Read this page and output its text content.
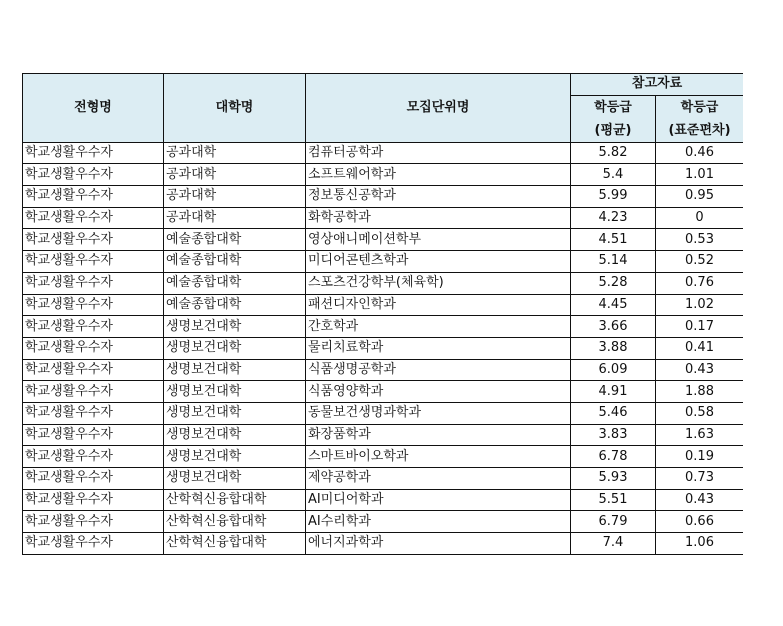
전형명	대학명	모집단위명	참고자료
학등급
(평균)	학등급
(표준편차)
학교생활우수자	공과대학	컴퓨터공학과	5.82	0.46
학교생활우수자	공과대학	소프트웨어학과	5.4	1.01
학교생활우수자	공과대학	정보통신공학과	5.99	0.95
학교생활우수자	공과대학	화학공학과	4.23	0
학교생활우수자	예술종합대학	영상애니메이션학부	4.51	0.53
학교생활우수자	예술종합대학	미디어콘텐츠학과	5.14	0.52
학교생활우수자	예술종합대학	스포츠건강학부(체육학)	5.28	0.76
학교생활우수자	예술종합대학	패션디자인학과	4.45	1.02
학교생활우수자	생명보건대학	간호학과	3.66	0.17
학교생활우수자	생명보건대학	물리치료학과	3.88	0.41
학교생활우수자	생명보건대학	식품생명공학과	6.09	0.43
학교생활우수자	생명보건대학	식품영양학과	4.91	1.88
학교생활우수자	생명보건대학	동물보건생명과학과	5.46	0.58
학교생활우수자	생명보건대학	화장품학과	3.83	1.63
학교생활우수자	생명보건대학	스마트바이오학과	6.78	0.19
학교생활우수자	생명보건대학	제약공학과	5.93	0.73
학교생활우수자	산학혁신융합대학	AI미디어학과	5.51	0.43
학교생활우수자	산학혁신융합대학	AI수리학과	6.79	0.66
학교생활우수자	산학혁신융합대학	에너지과학과	7.4	1.06
